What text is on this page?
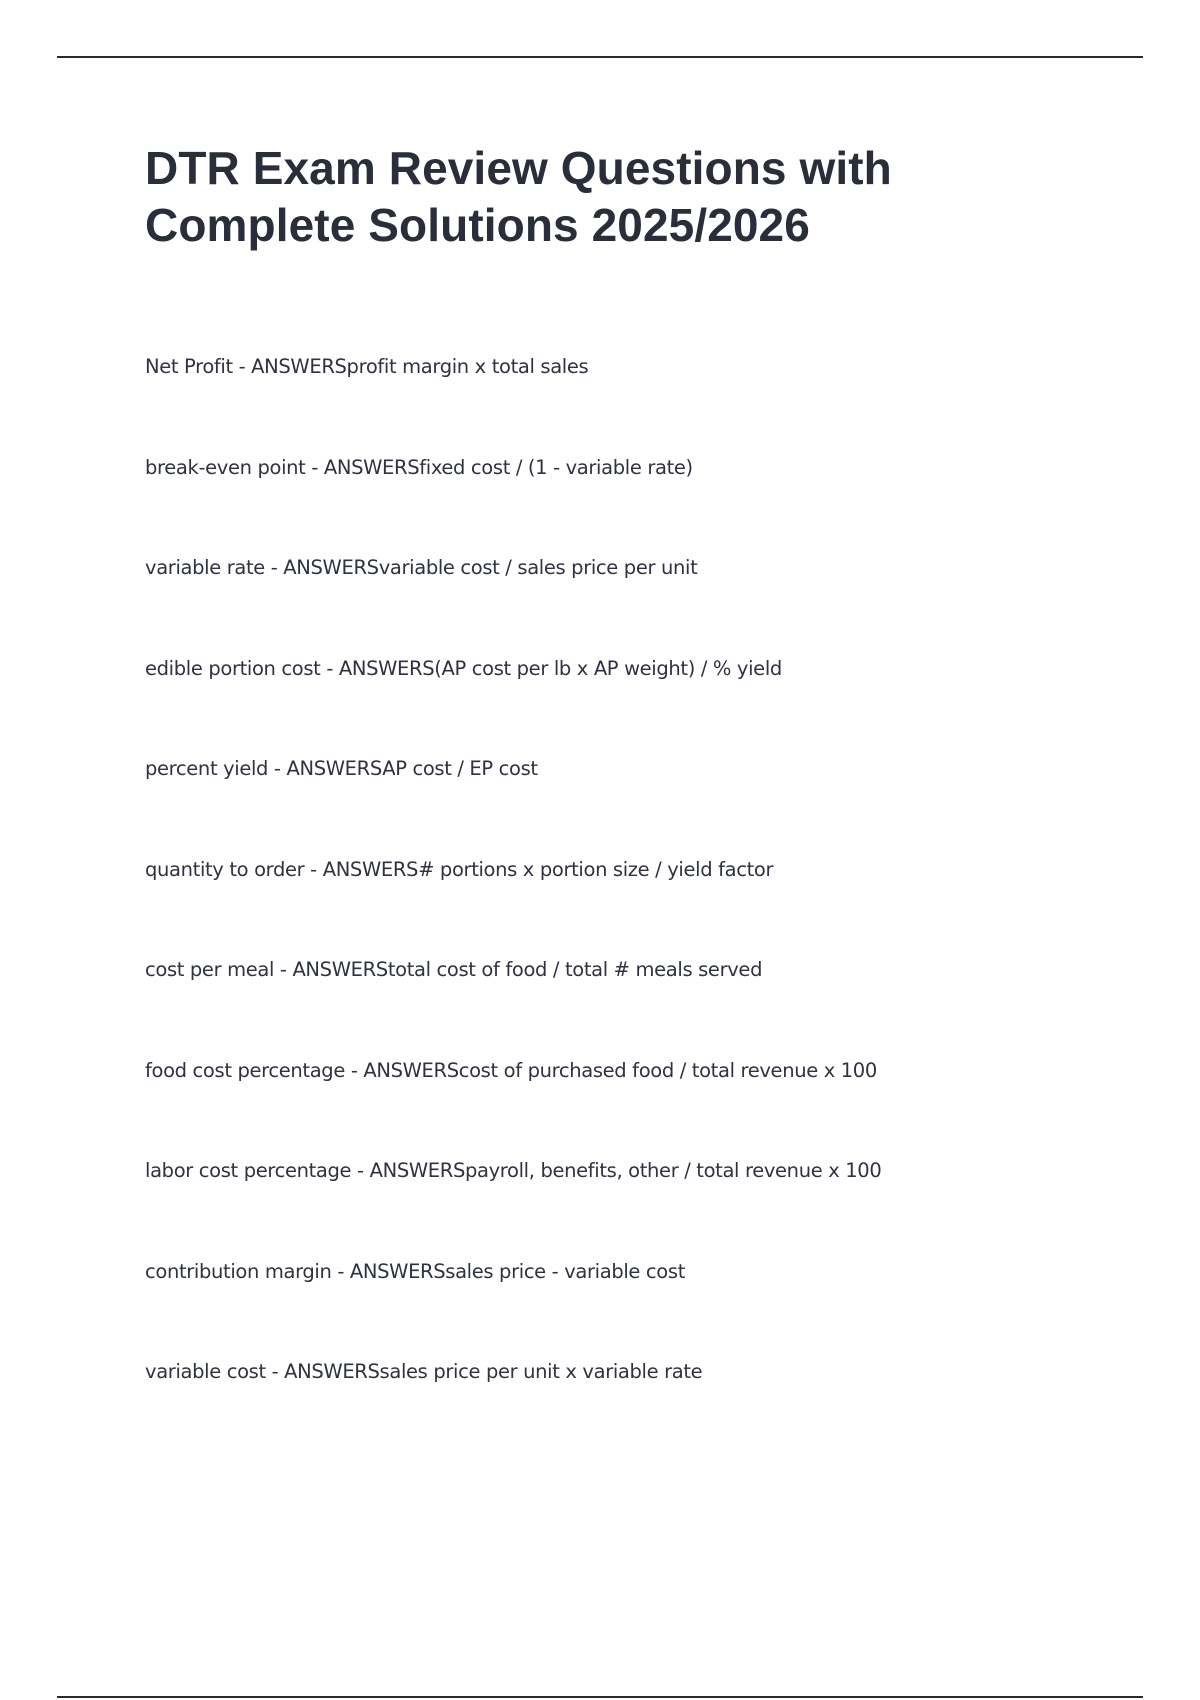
DTR Exam Review Questions with
Complete Solutions 2025/2026
Net Profit - ANSWERSprofit margin x total sales
break-even point - ANSWERSfixed cost / (1 - variable rate)
variable rate - ANSWERSvariable cost / sales price per unit
edible portion cost - ANSWERS(AP cost per lb x AP weight) / % yield
percent yield - ANSWERSAP cost / EP cost
quantity to order - ANSWERS# portions x portion size / yield factor
cost per meal - ANSWERStotal cost of food / total # meals served
food cost percentage - ANSWERScost of purchased food / total revenue x 100
labor cost percentage - ANSWERSpayroll, benefits, other / total revenue x 100
contribution margin - ANSWERSsales price - variable cost
variable cost - ANSWERSsales price per unit x variable rate
